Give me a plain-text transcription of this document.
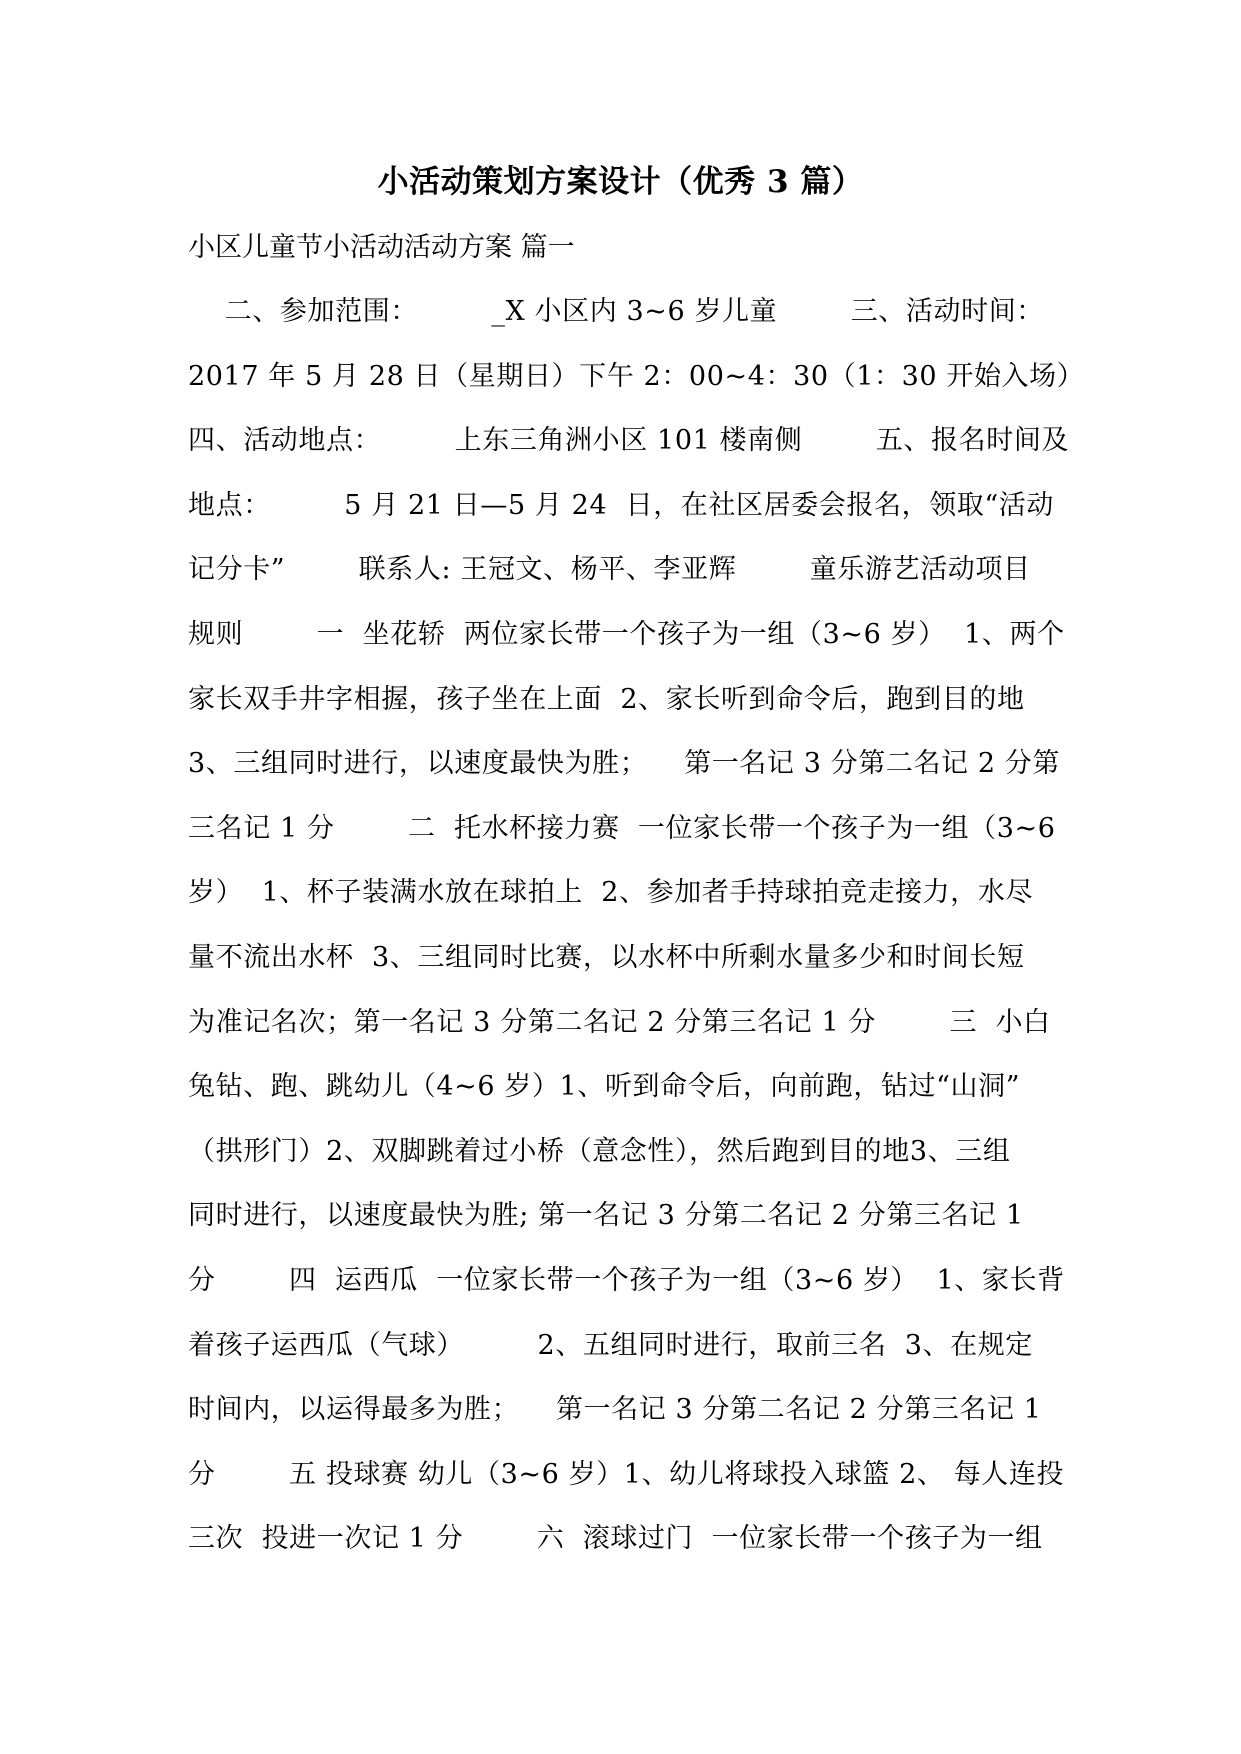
小活动策划方案设计（优秀 3 篇）
小区儿童节小活动活动方案 篇一
二、参加范围：        _X 小区内 3~6 岁儿童        三、活动时间：
2017 年 5 月 28 日（星期日）下午 2：00~4：30（1：30 开始入场）
四、活动地点：        上东三角洲小区 101 楼南侧        五、报名时间及
地点：        5 月 21 日—5 月 24  日，在社区居委会报名，领取“活动
记分卡”        联系人: 王冠文、杨平、李亚辉        童乐游艺活动项目
规则        一  坐花轿  两位家长带一个孩子为一组（3~6 岁）  1、两个
家长双手井字相握，孩子坐在上面  2、家长听到命令后，跑到目的地
3、三组同时进行，以速度最快为胜；    第一名记 3 分第二名记 2 分第
三名记 1 分        二  托水杯接力赛  一位家长带一个孩子为一组（3~6
岁）  1、杯子装满水放在球拍上  2、参加者手持球拍竞走接力，水尽
量不流出水杯  3、三组同时比赛，以水杯中所剩水量多少和时间长短
为准记名次；第一名记 3 分第二名记 2 分第三名记 1 分        三  小白
兔钻、跑、跳幼儿（4~6 岁）1、听到命令后，向前跑，钻过“山洞”
（拱形门）2、双脚跳着过小桥（意念性），然后跑到目的地3、三组
同时进行，以速度最快为胜; 第一名记 3 分第二名记 2 分第三名记 1
分        四  运西瓜  一位家长带一个孩子为一组（3~6 岁）  1、家长背
着孩子运西瓜（气球）        2、五组同时进行，取前三名  3、在规定
时间内，以运得最多为胜；    第一名记 3 分第二名记 2 分第三名记 1
分        五 投球赛 幼儿（3~6 岁）1、幼儿将球投入球篮 2、 每人连投
三次  投进一次记 1 分        六  滚球过门  一位家长带一个孩子为一组
